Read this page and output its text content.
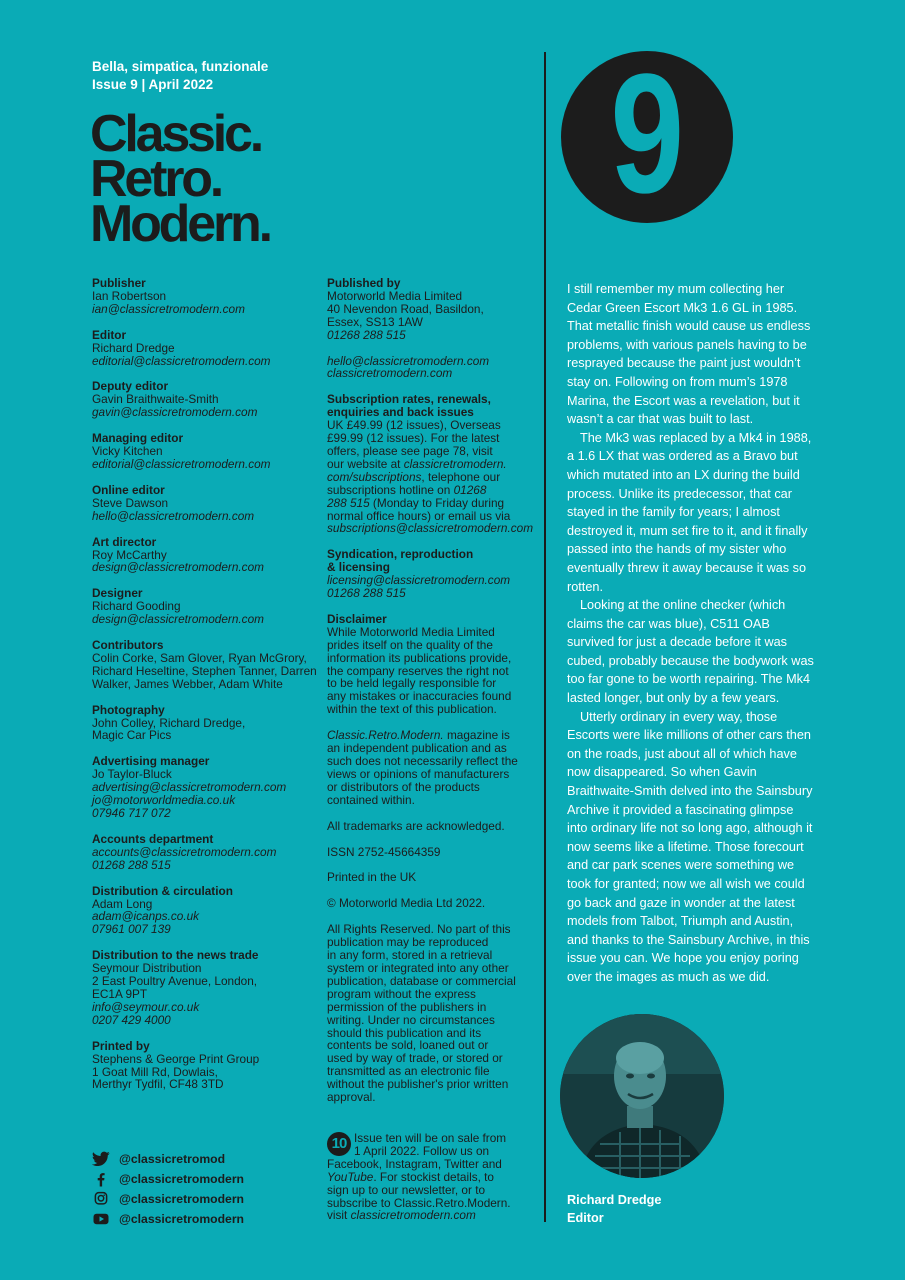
Bella, simpatica, funzionale
Issue 9 | April 2022
Classic.
Retro.
Modern.
Publisher
Ian Robertson
ian@classicretromodern.com
Editor
Richard Dredge
editorial@classicretromodern.com
Deputy editor
Gavin Braithwaite-Smith
gavin@classicretromodern.com
Managing editor
Vicky Kitchen
editorial@classicretromodern.com
Online editor
Steve Dawson
hello@classicretromodern.com
Art director
Roy McCarthy
design@classicretromodern.com
Designer
Richard Gooding
design@classicretromodern.com
Contributors
Colin Corke, Sam Glover, Ryan McGrory,
Richard Heseltine, Stephen Tanner, Darren
Walker, James Webber, Adam White
Photography
John Colley, Richard Dredge,
Magic Car Pics
Advertising manager
Jo Taylor-Bluck
advertising@classicretromodern.com
jo@motorworldmedia.co.uk
07946 717 072
Accounts department
accounts@classicretromodern.com
01268 288 515
Distribution & circulation
Adam Long
adam@icanps.co.uk
07961 007 139
Distribution to the news trade
Seymour Distribution
2 East Poultry Avenue, London,
EC1A 9PT
info@seymour.co.uk
0207 429 4000
Printed by
Stephens & George Print Group
1 Goat Mill Rd, Dowlais,
Merthyr Tydfil, CF48 3TD
Published by
Motorworld Media Limited
40 Nevendon Road, Basildon,
Essex, SS13 1AW
01268 288 515
hello@classicretromodern.com
classicretromodern.com
Subscription rates, renewals,
enquiries and back issues
UK £49.99 (12 issues), Overseas
£99.99 (12 issues). For the latest
offers, please see page 78, visit
our website at classicretromodern.
com/subscriptions, telephone our
subscriptions hotline on 01268
288 515 (Monday to Friday during
normal office hours) or email us via
subscriptions@classicretromodern.com
Syndication, reproduction
& licensing
licensing@classicretromodern.com
01268 288 515
Disclaimer
While Motorworld Media Limited
prides itself on the quality of the
information its publications provide,
the company reserves the right not
to be held legally responsible for
any mistakes or inaccuracies found
within the text of this publication.
Classic.Retro.Modern. magazine is
an independent publication and as
such does not necessarily reflect the
views or opinions of manufacturers
or distributors of the products
contained within.
All trademarks are acknowledged.
ISSN 2752-45664359
Printed in the UK
© Motorworld Media Ltd 2022.
All Rights Reserved. No part of this
publication may be reproduced
in any form, stored in a retrieval
system or integrated into any other
publication, database or commercial
program without the express
permission of the publishers in
writing. Under no circumstances
should this publication and its
contents be sold, loaned out or
used by way of trade, or stored or
transmitted as an electronic file
without the publisher's prior written
approval.
@classicretromod
@classicretromodern
@classicretromodern
@classicretromodern
10 Issue ten will be on sale from
1 April 2022. Follow us on
Facebook, Instagram, Twitter and
YouTube. For stockist details, to
sign up to our newsletter, or to
subscribe to Classic.Retro.Modern.
visit classicretromodern.com
9

I still remember my mum collecting her Cedar Green Escort Mk3 1.6 GL in 1985. That metallic finish would cause us endless problems, with various panels having to be resprayed because the paint just wouldn’t stay on. Following on from mum’s 1978 Marina, the Escort was a revelation, but it wasn’t a car that was built to last.

The Mk3 was replaced by a Mk4 in 1988, a 1.6 LX that was ordered as a Bravo but which mutated into an LX during the build process. Unlike its predecessor, that car stayed in the family for years; I almost destroyed it, mum set fire to it, and it finally passed into the hands of my sister who eventually threw it away because it was so rotten.

Looking at the online checker (which claims the car was blue), C511 OAB survived for just a decade before it was cubed, probably because the bodywork was too far gone to be worth repairing. The Mk4 lasted longer, but only by a few years.

Utterly ordinary in every way, those Escorts were like millions of other cars then on the roads, just about all of which have now disappeared. So when Gavin Braithwaite-Smith delved into the Sainsbury Archive it provided a fascinating glimpse into ordinary life not so long ago, although it now seems like a lifetime. Those forecourt and car park scenes were something we took for granted; now we all wish we could go back and gaze in wonder at the latest models from Talbot, Triumph and Austin, and thanks to the Sainsbury Archive, in this issue you can. We hope you enjoy poring over the images as much as we did.

Richard Dredge
Editor
